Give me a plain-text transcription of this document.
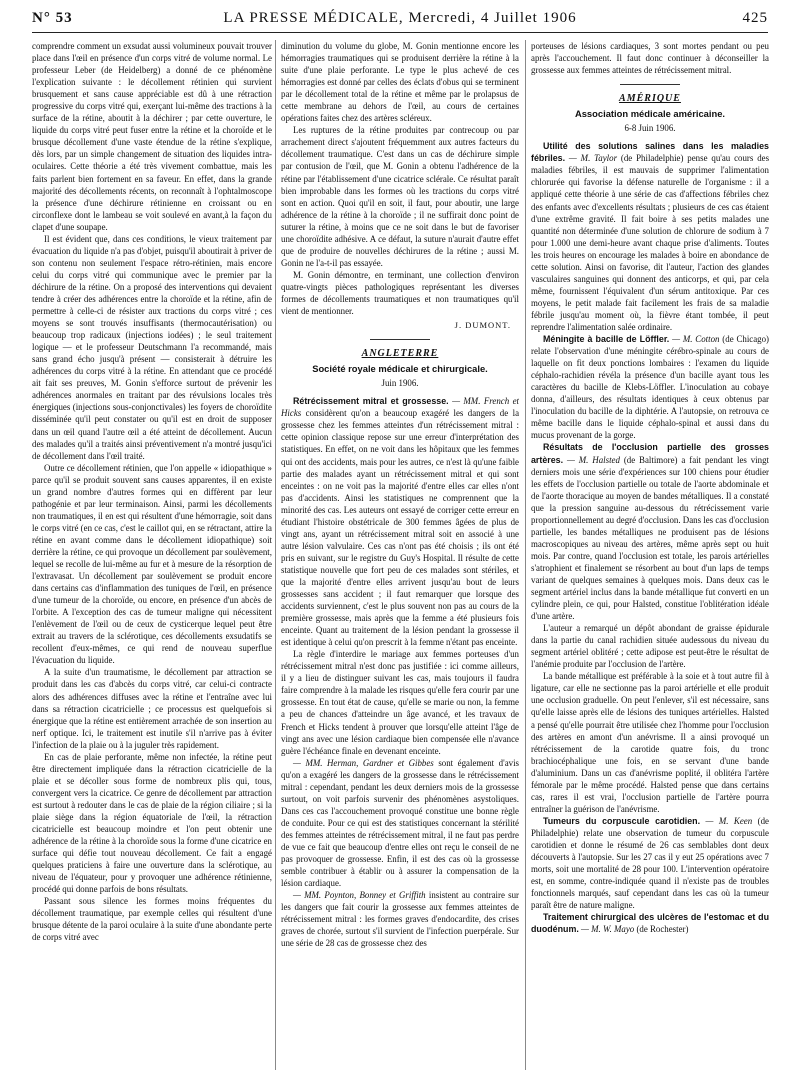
N° 53	LA PRESSE MÉDICALE, Mercredi, 4 Juillet 1906	425

comprendre comment un exsudat aussi volumineux pouvait trouver place dans l'œil en présence d'un corps vitré de volume normal. Le professeur Leber (de Heidelberg) a donné de ce phénomène l'explication suivante : le décollement rétinien qui survient brusquement et sans cause appréciable est dû à une rétraction progressive du corps vitré qui, exerçant lui-même des tractions à la surface de la rétine, aboutit à la déchirer ; par cette ouverture, le liquide du corps vitré peut fuser entre la rétine et la choroïde et le brusque décollement d'une vaste étendue de la rétine s'explique, dès lors, par un simple changement de situation des liquides intra-oculaires. Cette théorie a été très vivement combattue, mais les faits parlent bien fortement en sa faveur. En effet, dans la grande majorité des décollements récents, on reconnaît à l'ophtalmoscope la présence d'une déchirure rétinienne en croissant ou en circonflexe dont le lambeau se voit soulevé en avant,à la façon du clapet d'une soupape.

Il est évident que, dans ces conditions, le vieux traitement par évacuation du liquide n'a pas d'objet, puisqu'il aboutirait à priver de son contenu non seulement l'espace rétro-rétinien, mais encore celui du corps vitré qui communique avec le premier par la déchirure de la rétine. On a proposé des interventions qui devaient tendre à créer des adhérences entre la choroïde et la rétine, afin de permettre à celle-ci de résister aux tractions du corps vitré ; ces moyens se sont trouvés insuffisants (thermocautérisation) ou beaucoup trop radicaux (injections iodées) ; le seul traitement logique — et le professeur Deutschmann l'a recommandé, mais sans grand écho jusqu'à présent — consisterait à détruire les adhérences du corps vitré à la rétine. En attendant que ce procédé ait fait ses preuves, M. Gonin s'efforce surtout de prévenir les adhérences anormales en traitant par des révulsions locales très énergiques (injections sous-conjonctivales) les foyers de choroïdite disséminée qu'il peut constater ou qu'il est en droit de supposer dans un œil quand l'autre œil a été atteint de décollement. Aucun des malades qu'il a traités ainsi préventivement n'a montré jusqu'ici de décollement dans l'œil traité.

Outre ce décollement rétinien, que l'on appelle « idiopathique » parce qu'il se produit souvent sans causes apparentes, il en existe un grand nombre d'autres formes qui en diffèrent par leur pathogénie et par leur terminaison. Ainsi, parmi les décollements non traumatiques, il en est qui résultent d'une hémorragie, soit dans le corps vitré (en ce cas, c'est le caillot qui, en se rétractant, attire la rétine en avant comme dans le décollement idiopathique) soit derrière la rétine, ce qui provoque un décollement par soulèvement, lequel se recolle de lui-même au fur et à mesure de la résorption de l'extravasat. Un décollement par soulèvement se produit encore dans certains cas d'inflammation des tuniques de l'œil, en présence d'une tumeur de la choroïde, ou encore, en présence d'un abcès de l'orbite. A l'exception des cas de tumeur maligne qui nécessitent l'enlèvement de l'œil ou de ceux de cysticerque lequel peut être extrait au travers de la sclérotique, ces décollements exsudatifs se recollent d'eux-mêmes, ce qui rend de nouveau superflue l'évacuation du liquide.

A la suite d'un traumatisme, le décollement par attraction se produit dans les cas d'abcès du corps vitré, car celui-ci contracte alors des adhérences diffuses avec la rétine et l'entraîne avec lui dans sa rétraction cicatricielle ; ce processus est quelquefois si énergique que la rétine est entièrement arrachée de son insertion au nerf optique. Ici, le traitement est inutile s'il n'arrive pas à éviter l'infection de la plaie ou à la juguler très rapidement.

En cas de plaie perforante, même non infectée, la rétine peut être directement impliquée dans la rétraction cicatricielle de la plaie et se décoller sous forme de nombreux plis qui, tous, convergent vers la cicatrice. Ce genre de décollement par attraction est surtout à redouter dans le cas de plaie de la région ciliaire ; si la plaie siège dans la région équatoriale de l'œil, la rétraction cicatricielle est beaucoup moindre et l'on peut obtenir une adhérence de la rétine à la choroïde sous la forme d'une cicatrice en surface qui défie tout nouveau décollement. Ce fait a engagé quelques praticiens à faire une ouverture dans la sclérotique, au niveau de l'équateur, pour y provoquer une adhérence rétinienne, procédé qui donne parfois de bons résultats.

Passant sous silence les formes moins fréquentes du décollement traumatique, par exemple celles qui résultent d'une brusque détente de la paroi oculaire à la suite d'une abondante perte de corps vitré avec

diminution du volume du globe, M. Gonin mentionne encore les hémorragies traumatiques qui se produisent derrière la rétine à la suite d'une plaie perforante. Le type le plus achevé de ces hémorragies est donné par celles des éclats d'obus qui se terminent par le décollement total de la rétine et même par le prolapsus de cette membrane au dehors de l'œil, au cours de certaines opérations faites chez des artères scléreux.

Les ruptures de la rétine produites par contrecoup ou par arrachement direct s'ajoutent fréquemment aux autres facteurs du décollement traumatique. C'est dans un cas de déchirure simple par contusion de l'œil, que M. Gonin a obtenu l'adhérence de la rétine par l'établissement d'une cicatrice sclérale. Ce résultat paraît bien improbable dans les formes où les tractions du corps vitré sont en action. Quoi qu'il en soit, il faut, pour aboutir, une large adhérence de la rétine à la choroïde ; il ne suffirait donc point de suturer la rétine, à moins que ce ne soit dans le but de favoriser une choroïdite adhésive. A ce défaut, la suture n'aurait d'autre effet que de produire de nouvelles déchirures de la rétine ; aussi M. Gonin ne l'a-t-il pas essayée.

M. Gonin démontre, en terminant, une collection d'environ quatre-vingts pièces pathologiques représentant les diverses formes de décollements traumatiques et non traumatiques qu'il vient de mentionner.

J. DUMONT.
ANGLETERRE
Société royale médicale et chirurgicale.
Juin 1906.

Rétrécissement mitral et grossesse. — MM. French et Hicks considèrent qu'on a beaucoup exagéré les dangers de la grossesse chez les femmes atteintes d'un rétrécissement mitral : cette opinion classique repose sur une erreur d'interprétation des statistiques. En effet, on ne voit dans les hôpitaux que les femmes qui ont des accidents, mais pour les autres, ce n'est là qu'une faible partie des malades ayant un rétrécissement mitral et qui sont enceintes : on ne voit pas la majorité d'entre elles car elles n'ont pas d'accidents. Ainsi les statistiques ne comprennent que la minorité des cas. Les auteurs ont essayé de corriger cette erreur en étudiant l'histoire obstétricale de 300 femmes âgées de plus de vingt ans, ayant un rétrécissement mitral soit en associé à une autre lésion valvulaire. Ces cas n'ont pas été choisis ; ils ont été pris en suivant, sur le registre du Guy's Hospital. Il résulte de cette statistique nouvelle que fort peu de ces malades sont stériles, et que la majorité d'entre elles arrivent jusqu'au bout de leurs grossesses sans accident ; il faut remarquer que lorsque des accidents surviennent, c'est le plus souvent non pas au cours de la première grossesse, mais après que la femme a été plusieurs fois enceinte. Quant au traitement de la lésion pendant la grossesse il est identique à celui qu'on prescrit à la femme n'étant pas enceinte.

La règle d'interdire le mariage aux femmes porteuses d'un rétrécissement mitral n'est donc pas justifiée : ici comme ailleurs, il y a lieu de distinguer suivant les cas, mais toujours il faudra faire comprendre à la malade les risques qu'elle fera courir par une grossesse. En tout état de cause, qu'elle se marie ou non, la femme a peu de chances d'atteindre un âge avancé, et les travaux de French et Hicks tendent à prouver que lorsqu'elle atteint l'âge de vingt ans avec une lésion cardiaque bien compensée elle n'avance guère l'échéance finale en devenant enceinte.

— MM. Herman, Gardner et Gibbes sont également d'avis qu'on a exagéré les dangers de la grossesse dans le rétrécissement mitral : cependant, pendant les deux derniers mois de la grossesse surtout, on voit parfois survenir des phénomènes asystoliques. Dans ces cas l'accouchement provoqué constitue une bonne règle de conduite. Pour ce qui est des statistiques concernant la stérilité des femmes atteintes de rétrécissement mitral, il ne faut pas perdre de vue ce fait que beaucoup d'entre elles ont reçu le conseil de ne pas provoquer de grossesse. Enfin, il est des cas où la grossesse semble contribuer à établir ou à assurer la compensation de la lésion cardiaque.

— MM. Poynton, Bonney et Griffith insistent au contraire sur les dangers que fait courir la grossesse aux femmes atteintes de rétrécissement mitral : les formes graves d'endocardite, des crises graves de chorée, surtout s'il survient de l'infection puerpérale. Sur une série de 28 cas de grossesse chez des

porteuses de lésions cardiaques, 3 sont mortes pendant ou peu après l'accouchement. Il faut donc continuer à déconseiller la grossesse aux femmes atteintes de rétrécissement mitral.

AMÉRIQUE
Association médicale américaine.
6-8 Juin 1906.

Utilité des solutions salines dans les maladies fébriles. — M. Taylor (de Philadelphie) pense qu'au cours des maladies fébriles, il est mauvais de supprimer l'alimentation chlorurée qui favorise la défense naturelle de l'organisme : il a appliqué cette théorie à une série de cas d'affections fébriles chez des enfants avec d'excellents résultats ; plusieurs de ces cas étaient d'une extrême gravité. Il fait boire à ses petits malades une quantité non déterminée d'une solution de chlorure de sodium à 7 pour 1.000 une demi-heure avant chaque prise d'aliments. Toutes les trois heures on encourage les malades à boire en abondance de cette solution. Ainsi on favorise, dit l'auteur, l'action des glandes vasculaires sanguines qui donnent des anticorps, et qui, par cela même, fournissent l'équivalent d'un sérum antitoxique. Par ces moyens, le petit malade fait facilement les frais de sa maladie fébrile jusqu'au moment où, la fièvre étant tombée, il peut reprendre l'alimentation salée ordinaire.

Méningite à bacille de Löffler. — M. Cotton (de Chicago) relate l'observation d'une méningite cérébro-spinale au cours de laquelle on fit deux ponctions lombaires : l'examen du liquide céphalo-rachidien révéla la présence d'un bacille ayant tous les caractères du bacille de Klebs-Löffler. L'inoculation au cobaye donna, d'ailleurs, des résultats identiques à ceux obtenus par l'inoculation du bacille de la diphtérie. A l'autopsie, on retrouva ce même bacille dans le liquide céphalo-spinal et aussi dans du mucus provenant de la gorge.

Résultats de l'occlusion partielle des grosses artères. — M. Halsted (de Baltimore) a fait pendant les vingt derniers mois une série d'expériences sur 100 chiens pour étudier les effets de l'occlusion partielle ou totale de l'aorte abdominale et de l'aorte thoracique au moyen de bandes métalliques. Il a constaté que la pression sanguine au-dessous du rétrécissement varie proportionnellement au degré d'occlusion. Dans les cas d'occlusion partielle, les bandes métalliques ne produisent pas de lésions macroscopiques au niveau des artères, même après sept ou huit mois. Par contre, quand l'occlusion est totale, les parois artérielles s'atrophient et finalement se résorbent au bout d'un laps de temps variant de quelques semaines à quelques mois. Dans deux cas le segment artériel inclus dans la bande métallique fut converti en un cylindre plein, ce qui, pour Halsted, constitue l'oblitération idéale d'une artère.

L'auteur a remarqué un dépôt abondant de graisse épidurale dans la partie du canal rachidien située audessous du niveau du segment artériel oblitéré ; cette adipose est peut-être le résultat de l'anémie produite par l'occlusion de l'artère.

La bande métallique est préférable à la soie et à tout autre fil à ligature, car elle ne sectionne pas la paroi artérielle et elle produit une occlusion graduelle. On peut l'enlever, s'il est nécessaire, sans qu'elle laisse après elle de lésions des tuniques artérielles. Halsted a pensé qu'elle pourrait être utilisée chez l'homme pour l'occlusion des artères en amont d'un anévrisme. Il a ainsi provoqué un rétrécissement de la carotide quatre fois, du tronc brachiocéphalique une fois, en se servant d'une bande d'aluminium. Dans un cas d'anévrisme poplité, il oblitéra l'artère fémorale par le même procédé. Halsted pense que dans certains cas, rares il est vrai, l'occlusion partielle de l'artère pourra entraîner la guérison de l'anévrisme.

Tumeurs du corpuscule carotidien. — M. Keen (de Philadelphie) relate une observation de tumeur du corpuscule carotidien et donne le résumé de 26 cas semblables dont deux découverts à l'autopsie. Sur les 27 cas il y eut 25 opérations avec 7 morts, soit une mortalité de 28 pour 100. L'intervention opératoire est, en somme, contre-indiquée quand il n'existe pas de troubles fonctionnels marqués, sauf cependant dans les cas où la tumeur paraît être de nature maligne.

Traitement chirurgical des ulcères de l'estomac et du duodénum. — M. W. Mayo (de Rochester)
